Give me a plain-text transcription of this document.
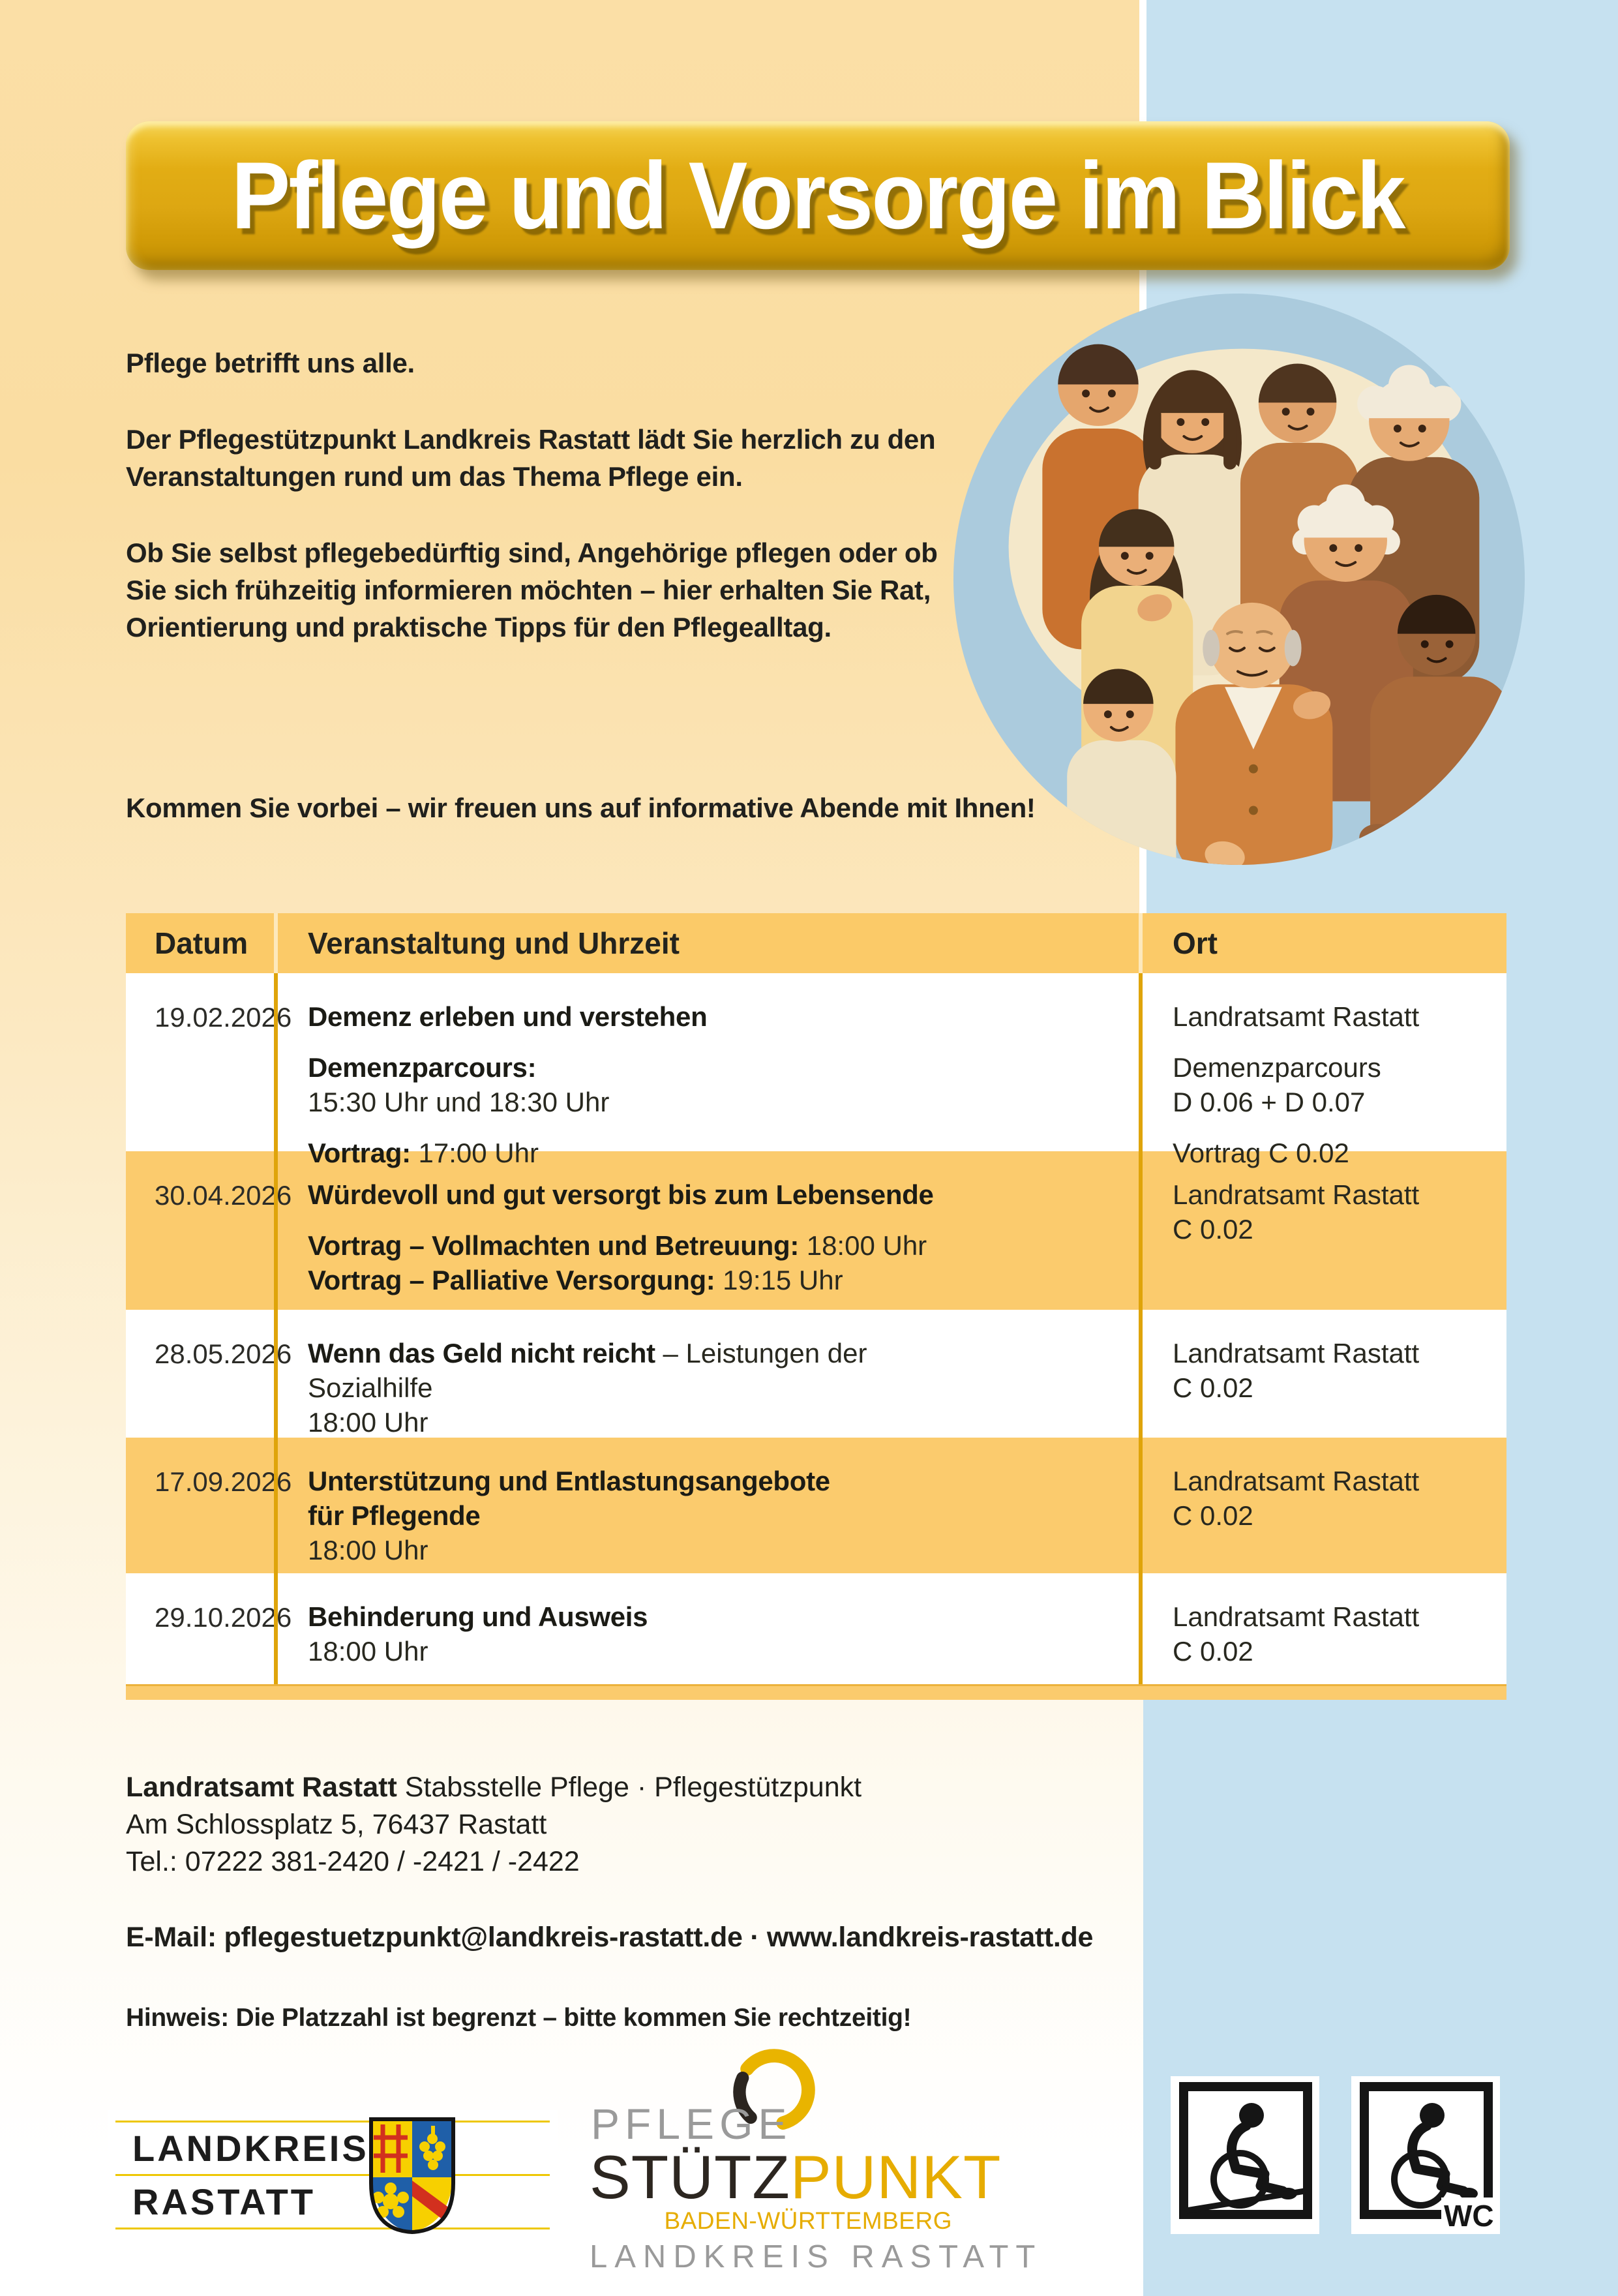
Pflege und Vorsorge im Blick

Pflege betrifft uns alle.

Der Pflegestützpunkt Landkreis Rastatt lädt Sie herzlich zu den Veranstaltungen rund um das Thema Pflege ein.

Ob Sie selbst pflegebedürftig sind, Angehörige pflegen oder ob Sie sich frühzeitig informieren möchten – hier erhalten Sie Rat, Orientierung und praktische Tipps für den Pflegealltag.

Kommen Sie vorbei – wir freuen uns auf informative Abende mit Ihnen!
Datum	Veranstaltung und Uhrzeit	Ort
19.02.2026 Demenz erleben und verstehen
Demenzparcours:
15:30 Uhr und 18:30 Uhr
Vortrag: 17:00 Uhr
Landratsamt Rastatt
Demenzparcours
D 0.06 + D 0.07
Vortrag C 0.02
30.04.2026 Würdevoll und gut versorgt bis zum Lebensende
Vortrag – Vollmachten und Betreuung: 18:00 Uhr
Vortrag – Palliative Versorgung: 19:15 Uhr
Landratsamt Rastatt
C 0.02
28.05.2026 Wenn das Geld nicht reicht – Leistungen der
Sozialhilfe
18:00 Uhr
Landratsamt Rastatt
C 0.02
17.09.2026 Unterstützung und Entlastungsangebote
für Pflegende
18:00 Uhr
Landratsamt Rastatt
C 0.02
29.10.2026 Behinderung und Ausweis
18:00 Uhr
Landratsamt Rastatt
C 0.02
Landratsamt Rastatt Stabsstelle Pflege · Pflegestützpunkt
Am Schlossplatz 5, 76437 Rastatt
Tel.: 07222 381-2420 / -2421 / -2422
E-Mail: pflegestuetzpunkt@landkreis-rastatt.de · www.landkreis-rastatt.de
Hinweis: Die Platzzahl ist begrenzt – bitte kommen Sie rechtzeitig!
LANDKREIS
RASTATT
PFLEGE
STÜTZPUNKT
BADEN-WÜRTTEMBERG
LANDKREIS RASTATT
WC
